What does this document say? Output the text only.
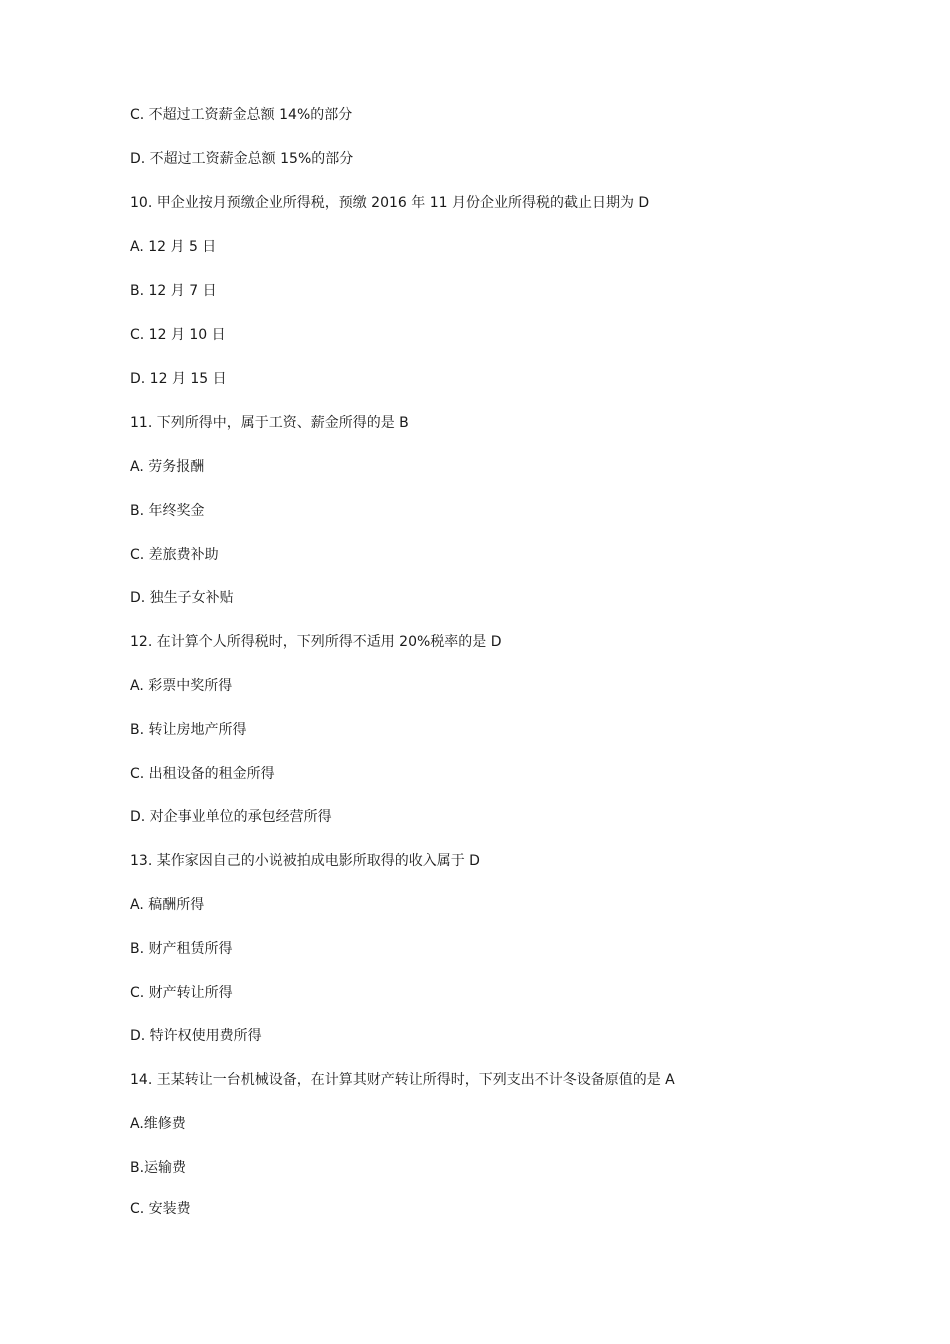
C. 不超过工资薪金总额 14%的部分

D. 不超过工资薪金总额 15%的部分

10. 甲企业按月预缴企业所得税，预缴 2016 年 11 月份企业所得税的截止日期为 D

A. 12 月 5 日

B. 12 月 7 日

C. 12 月 10 日

D. 12 月 15 日

11. 下列所得中，属于工资、薪金所得的是 B

A. 劳务报酬

B. 年终奖金

C. 差旅费补助

D. 独生子女补贴

12. 在计算个人所得税时，下列所得不适用 20%税率的是 D

A. 彩票中奖所得

B. 转让房地产所得

C. 出租设备的租金所得

D. 对企事业单位的承包经营所得

13. 某作家因自己的小说被拍成电影所取得的收入属于 D

A. 稿酬所得

B. 财产租赁所得

C. 财产转让所得

D. 特许权使用费所得

14. 王某转让一台机械设备，在计算其财产转让所得时，下列支出不计冬设备原值的是 A

A.维修费

B.运输费

C. 安装费
